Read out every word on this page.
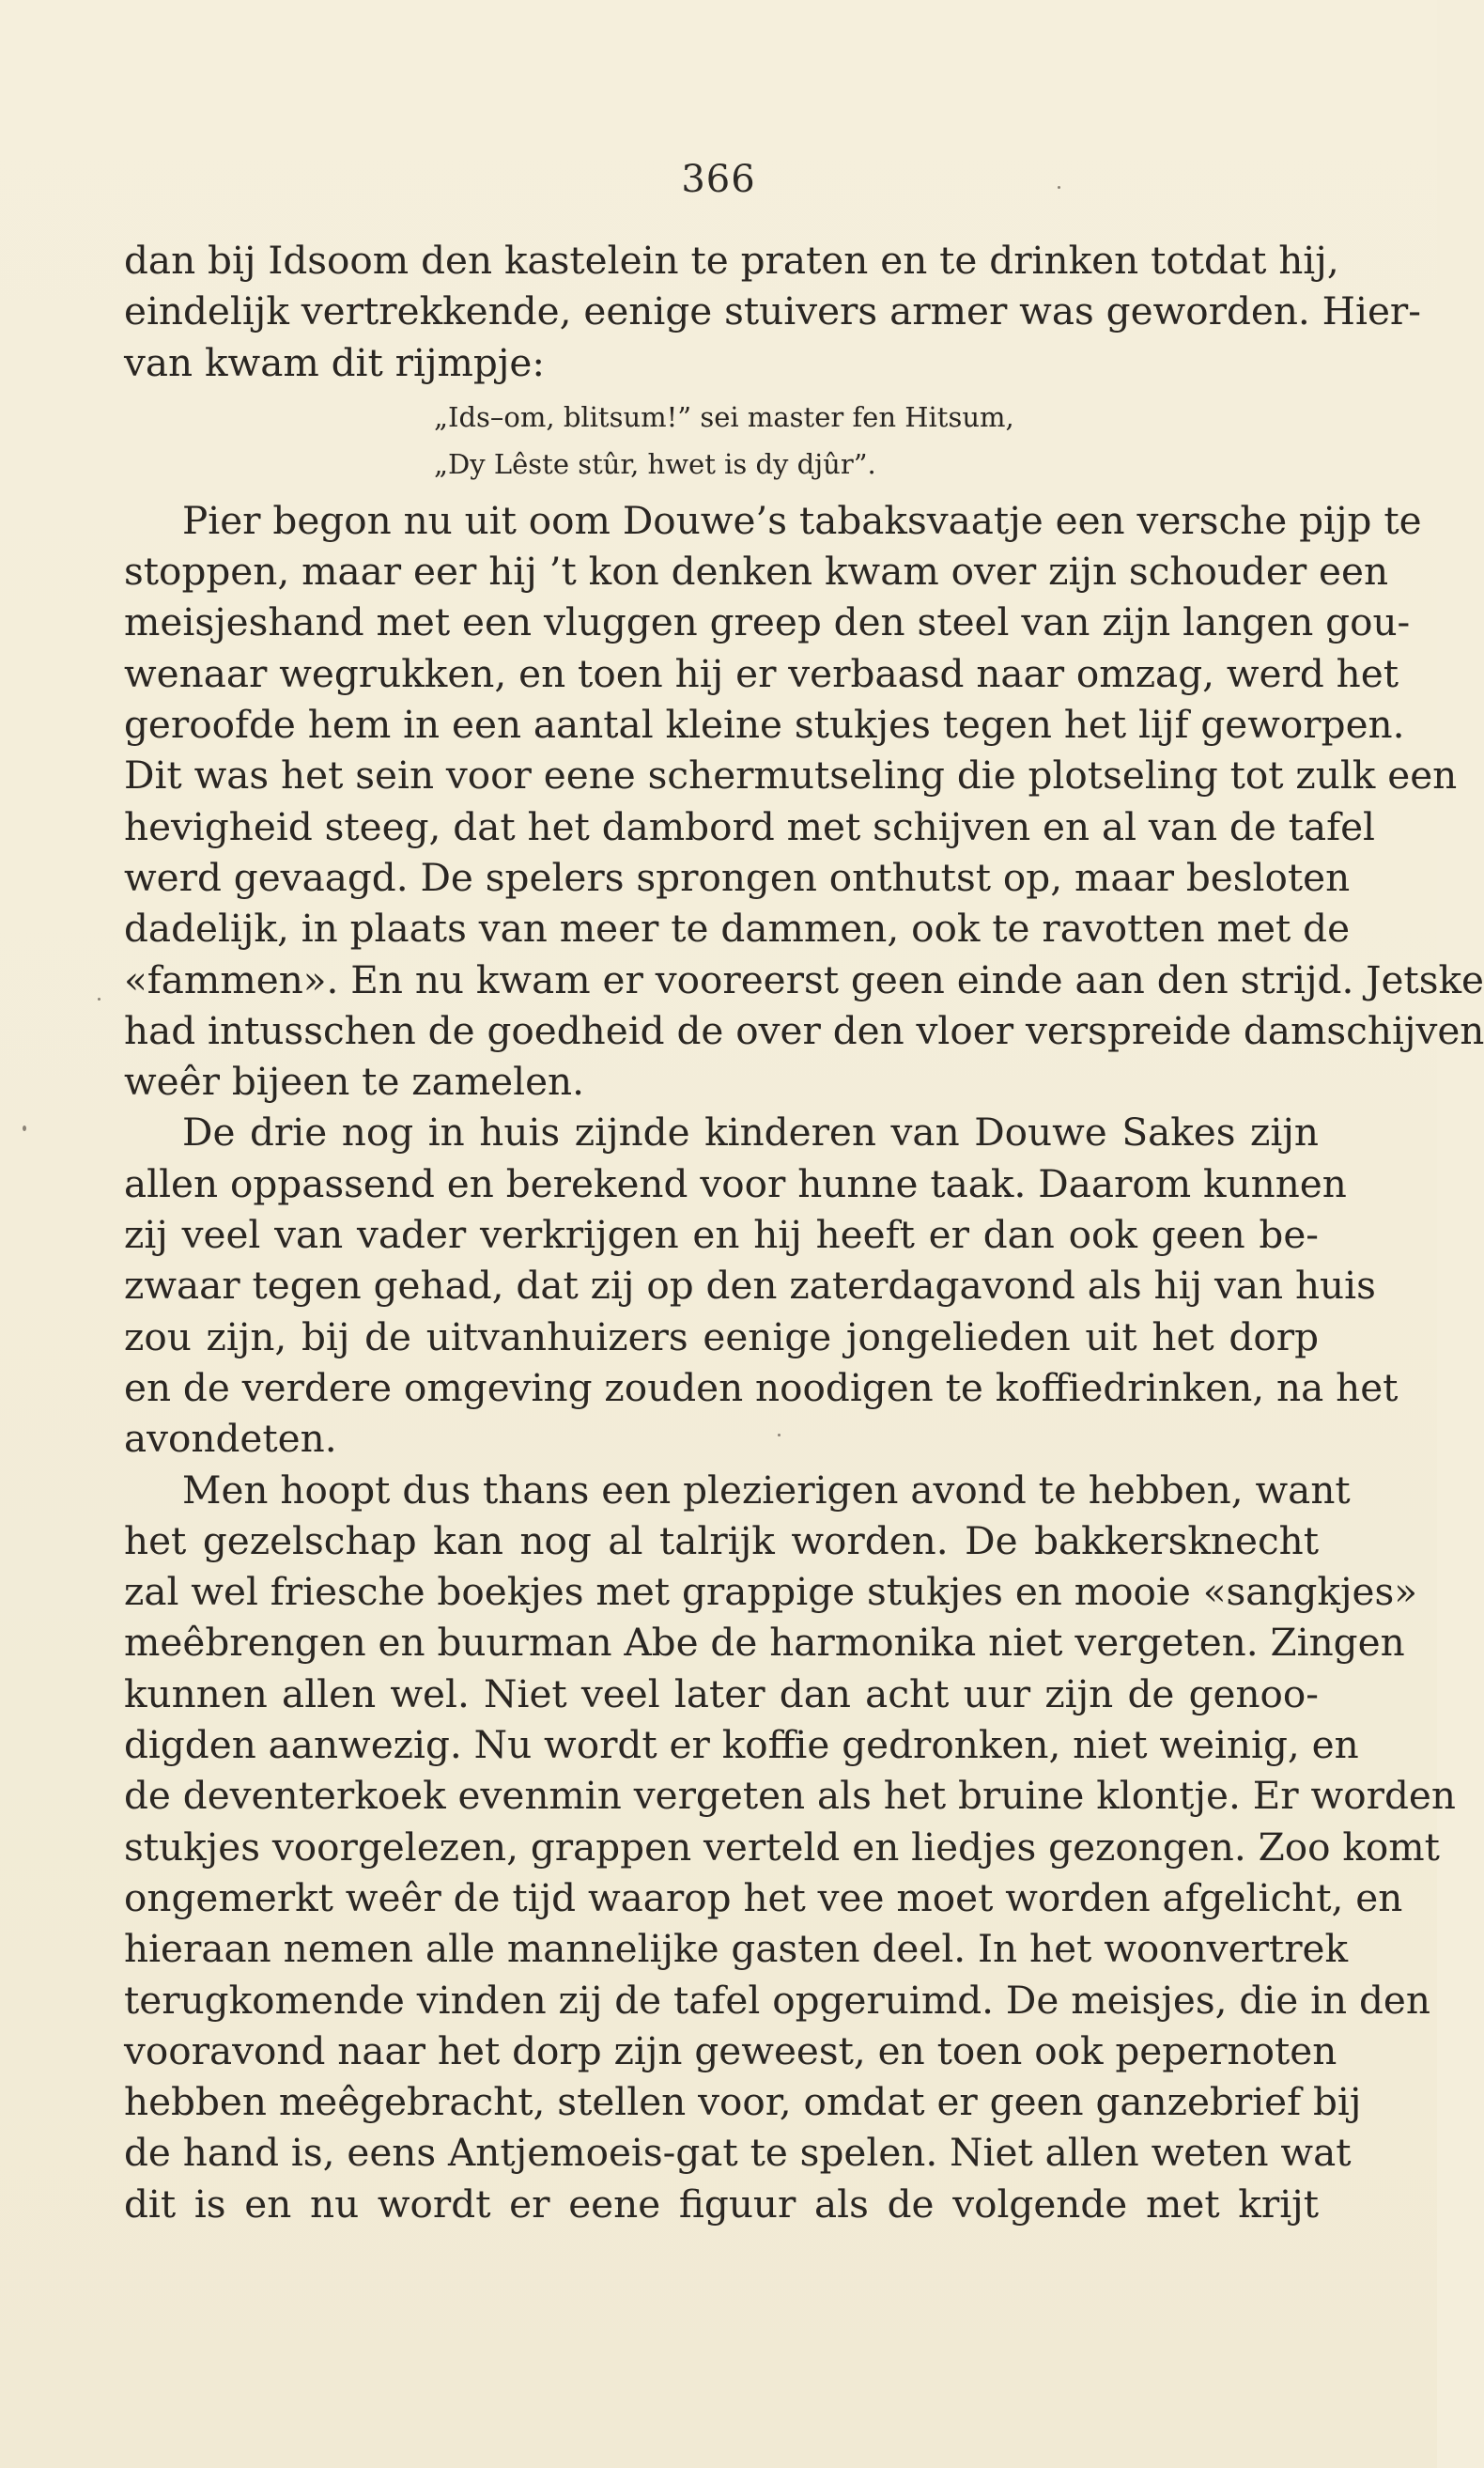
366
dan bij Idsoom den kastelein te praten en te drinken totdat hij,
eindelijk vertrekkende, eenige stuivers armer was geworden. Hier-
van kwam dit rijmpje:
„Ids–om, blitsum!” sei master fen Hitsum,
„Dy Lêste stûr, hwet is dy djûr”.
Pier begon nu uit oom Douwe’s tabaksvaatje een versche pijp te
stoppen, maar eer hij ’t kon denken kwam over zijn schouder een
meisjeshand met een vluggen greep den steel van zijn langen gou-
wenaar wegrukken, en toen hij er verbaasd naar omzag, werd het
geroofde hem in een aantal kleine stukjes tegen het lijf geworpen.
Dit was het sein voor eene schermutseling die plotseling tot zulk een
hevigheid steeg, dat het dambord met schijven en al van de tafel
werd gevaagd. De spelers sprongen onthutst op, maar besloten
dadelijk, in plaats van meer te dammen, ook te ravotten met de
«fammen». En nu kwam er vooreerst geen einde aan den strijd. Jetske
had intusschen de goedheid de over den vloer verspreide damschijven
weêr bijeen te zamelen.
De drie nog in huis zijnde kinderen van Douwe Sakes zijn
allen oppassend en berekend voor hunne taak. Daarom kunnen
zij veel van vader verkrijgen en hij heeft er dan ook geen be-
zwaar tegen gehad, dat zij op den zaterdagavond als hij van huis
zou zijn, bij de uitvanhuizers eenige jongelieden uit het dorp
en de verdere omgeving zouden noodigen te koffiedrinken, na het
avondeten.
Men hoopt dus thans een plezierigen avond te hebben, want
het gezelschap kan nog al talrijk worden. De bakkersknecht
zal wel friesche boekjes met grappige stukjes en mooie «sangkjes»
meêbrengen en buurman Abe de harmonika niet vergeten. Zingen
kunnen allen wel. Niet veel later dan acht uur zijn de genoo-
digden aanwezig. Nu wordt er koffie gedronken, niet weinig, en
de deventerkoek evenmin vergeten als het bruine klontje. Er worden
stukjes voorgelezen, grappen verteld en liedjes gezongen. Zoo komt
ongemerkt weêr de tijd waarop het vee moet worden afgelicht, en
hieraan nemen alle mannelijke gasten deel. In het woonvertrek
terugkomende vinden zij de tafel opgeruimd. De meisjes, die in den
vooravond naar het dorp zijn geweest, en toen ook pepernoten
hebben meêgebracht, stellen voor, omdat er geen ganzebrief bij
de hand is, eens Antjemoeis-gat te spelen. Niet allen weten wat
dit is en nu wordt er eene figuur als de volgende met krijt
